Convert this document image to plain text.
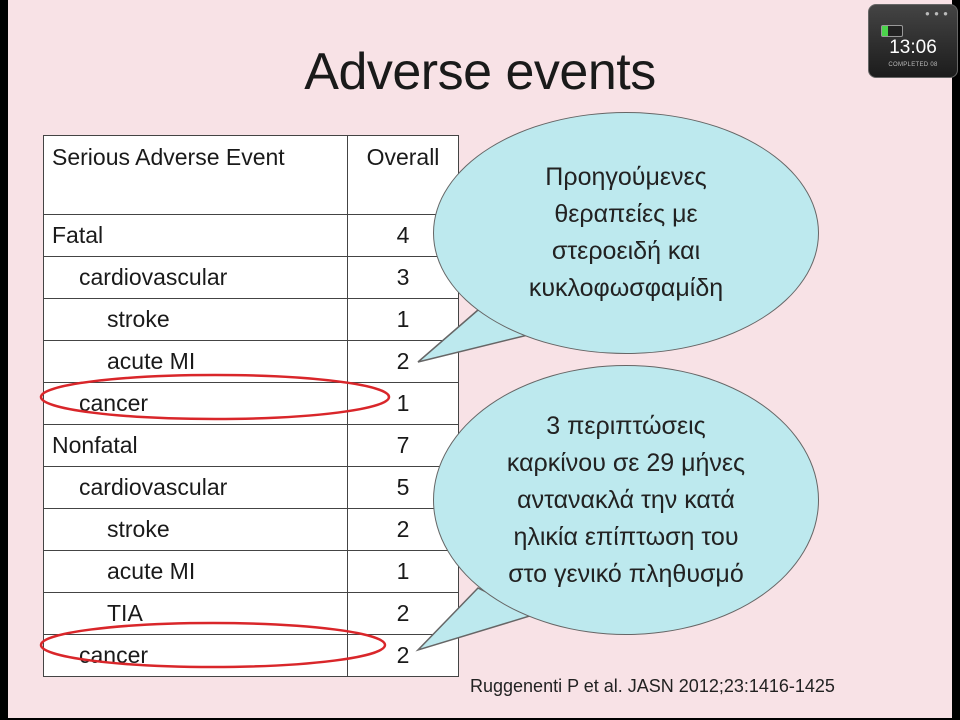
Adverse events
Serious Adverse Event	Overall
Fatal	4
cardiovascular	3
stroke	1
acute MI	2
cancer	1
Nonfatal	7
cardiovascular	5
stroke	2
acute MI	1
TIA	2
cancer	2
Προηγούμενες
θεραπείες με
στεροειδή και
κυκλοφωσφαμίδη
3 περιπτώσεις
καρκίνου σε 29 μήνες
αντανακλά την κατά
ηλικία επίπτωση του
στο γενικό πληθυσμό
Ruggenenti P et al. JASN 2012;23:1416-1425
● ● ●
13:06
COMPLETED 08
